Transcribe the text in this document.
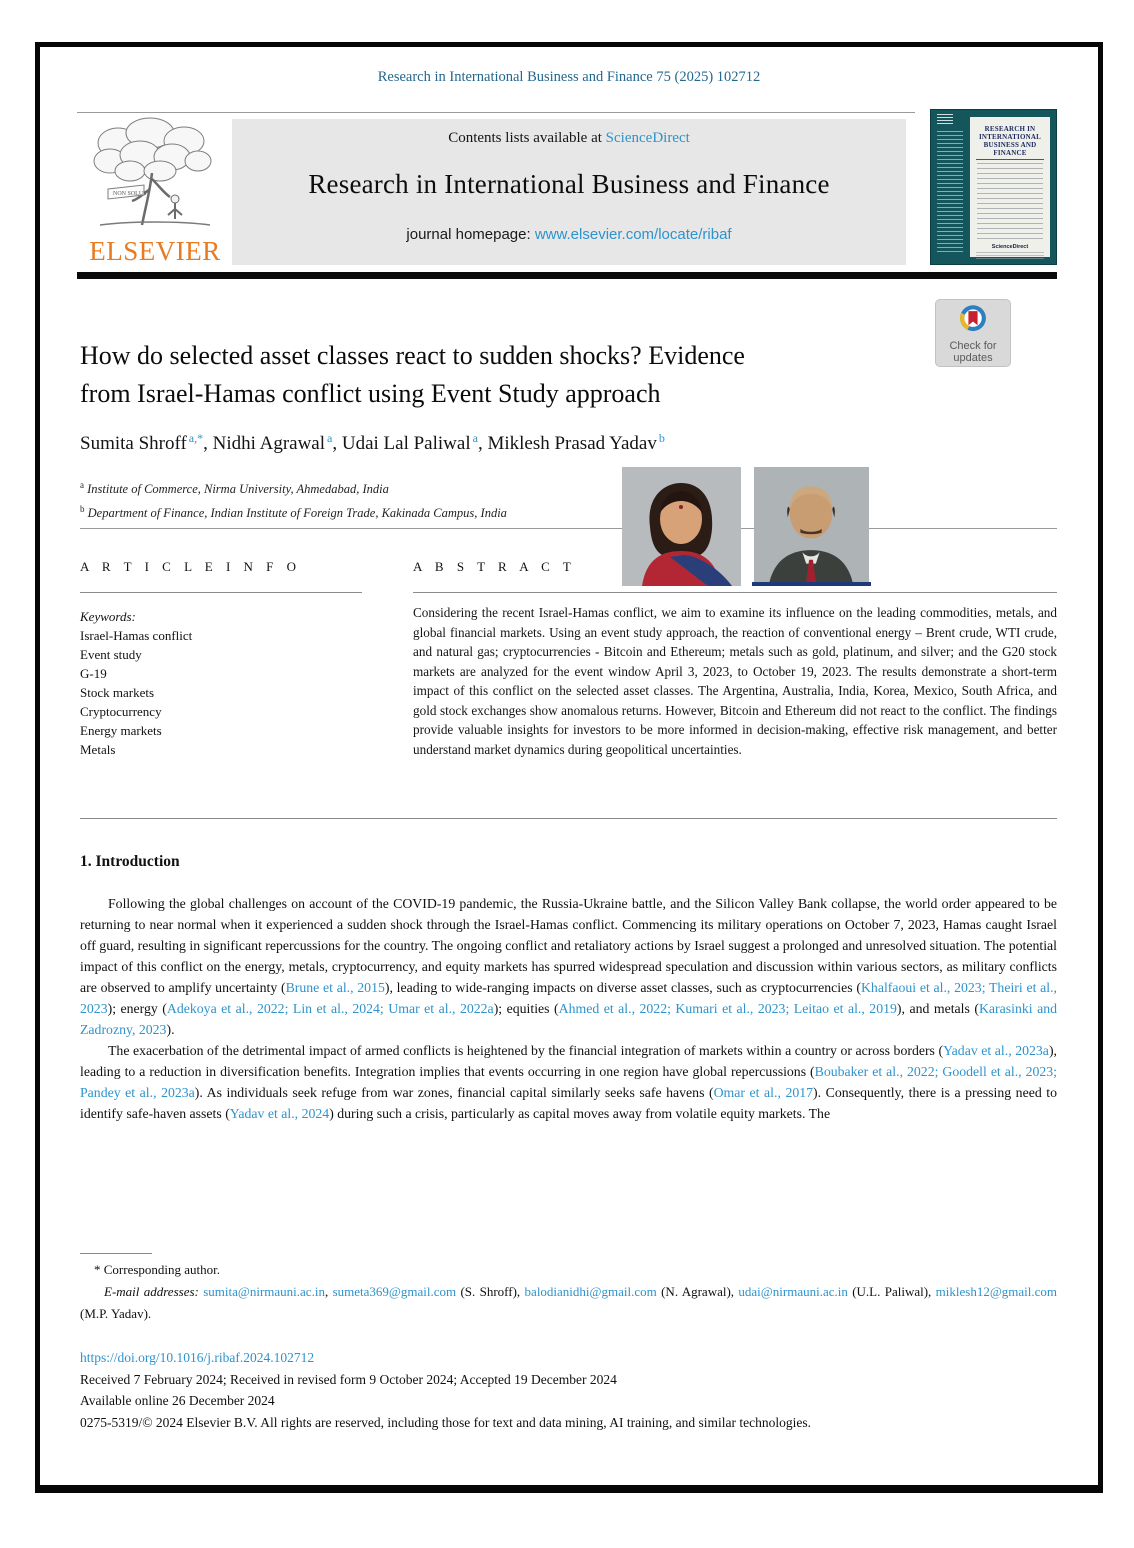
Research in International Business and Finance 75 (2025) 102712
NON SOLUS
ELSEVIER
Contents lists available at ScienceDirect
Research in International Business and Finance
journal homepage: www.elsevier.com/locate/ribaf
RESEARCH IN INTERNATIONAL BUSINESS AND FINANCE
ScienceDirect
Check for
updates
How do selected asset classes react to sudden shocks? Evidence
from Israel-Hamas conflict using Event Study approach
Sumita Shroff $^{a,*}$ , Nidhi Agrawal $^a$ , Udai Lal Paliwal $^a$ , Miklesh Prasad Yadav $^b$
$^a$ Institute of Commerce, Nirma University, Ahmedabad, India
$^b$ Department of Finance, Indian Institute of Foreign Trade, Kakinada Campus, India
A R T I C L E I N F O	A B S T R A C T
Keywords:
Israel-Hamas conflict
Event study
G-19
Stock markets
Cryptocurrency
Energy markets
Metals
Considering the recent Israel-Hamas conflict, we aim to examine its influence on the leading commodities, metals, and global financial markets. Using an event study approach, the reaction of conventional energy – Brent crude, WTI crude, and natural gas; cryptocurrencies - Bitcoin and Ethereum; metals such as gold, platinum, and silver; and the G20 stock markets are analyzed for the event window April 3, 2023, to October 19, 2023. The results demonstrate a short-term impact of this conflict on the selected asset classes. The Argentina, Australia, India, Korea, Mexico, South Africa, and gold stock exchanges show anomalous returns. However, Bitcoin and Ethereum did not react to the conflict. The findings provide valuable insights for investors to be more informed in decision-making, effective risk management, and better understand market dynamics during geopolitical uncertainties.
1. Introduction

Following the global challenges on account of the COVID-19 pandemic, the Russia-Ukraine battle, and the Silicon Valley Bank collapse, the world order appeared to be returning to near normal when it experienced a sudden shock through the Israel-Hamas conflict. Commencing its military operations on October 7, 2023, Hamas caught Israel off guard, resulting in significant repercussions for the country. The ongoing conflict and retaliatory actions by Israel suggest a prolonged and unresolved situation. The potential impact of this conflict on the energy, metals, cryptocurrency, and equity markets has spurred widespread speculation and discussion within various sectors, as military conflicts are observed to amplify uncertainty (Brune et al., 2015), leading to wide-ranging impacts on diverse asset classes, such as cryptocurrencies (Khalfaoui et al., 2023; Theiri et al., 2023); energy (Adekoya et al., 2022; Lin et al., 2024; Umar et al., 2022a); equities (Ahmed et al., 2022; Kumari et al., 2023; Leitao et al., 2019), and metals (Karasinki and Zadrozny, 2023).

The exacerbation of the detrimental impact of armed conflicts is heightened by the financial integration of markets within a country or across borders (Yadav et al., 2023a), leading to a reduction in diversification benefits. Integration implies that events occurring in one region have global repercussions (Boubaker et al., 2022; Goodell et al., 2023; Pandey et al., 2023a). As individuals seek refuge from war zones, financial capital similarly seeks safe havens (Omar et al., 2017). Consequently, there is a pressing need to identify safe-haven assets (Yadav et al., 2024) during such a crisis, particularly as capital moves away from volatile equity markets. The

* Corresponding author.

E-mail addresses: sumita@nirmauni.ac.in, sumeta369@gmail.com (S. Shroff), balodianidhi@gmail.com (N. Agrawal), udai@nirmauni.ac.in (U.L. Paliwal), miklesh12@gmail.com (M.P. Yadav).

https://doi.org/10.1016/j.ribaf.2024.102712
Received 7 February 2024; Received in revised form 9 October 2024; Accepted 19 December 2024
Available online 26 December 2024
0275-5319/© 2024 Elsevier B.V. All rights are reserved, including those for text and data mining, AI training, and similar technologies.
